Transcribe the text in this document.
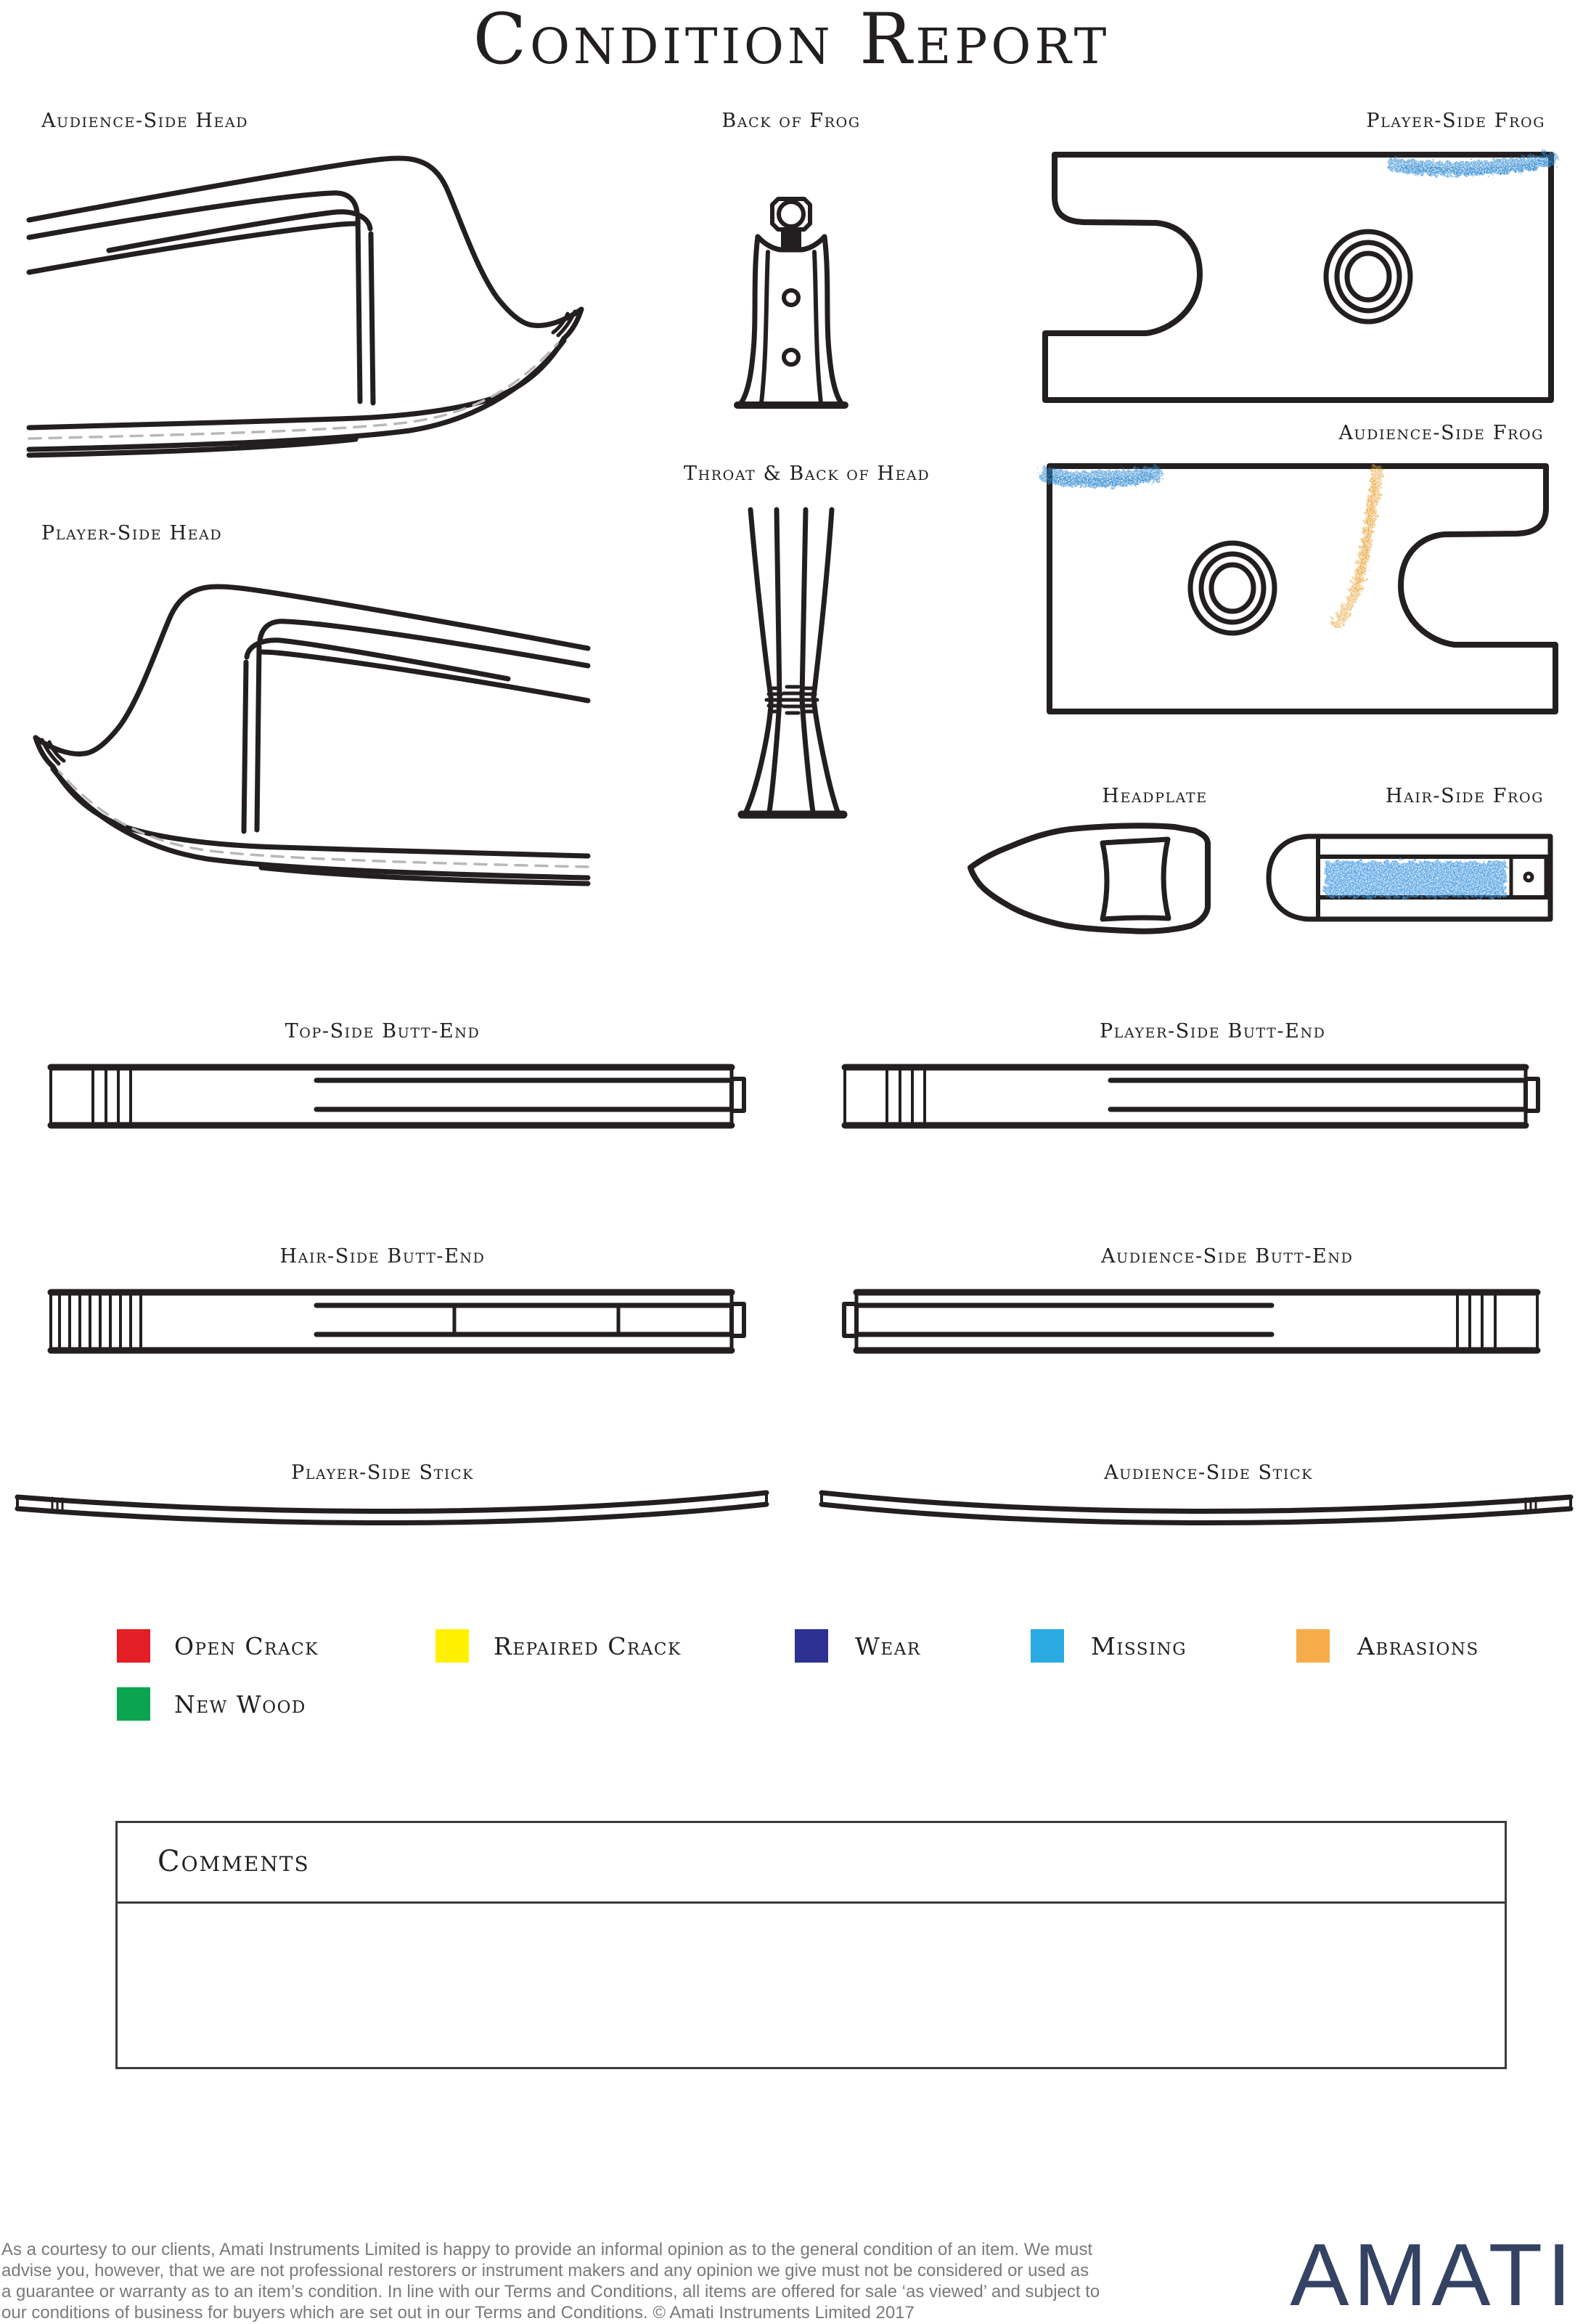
Condition Report
Audience-Side Head	Back of Frog	Player-Side Frog
Audience-Side Frog
Throat & Back of Head
Player-Side Head
Headplate	Hair-Side Frog
Top-Side Butt-End	Player-Side Butt-End
Hair-Side Butt-End	Audience-Side Butt-End
Player-Side Stick	Audience-Side Stick
Open Crack	Repaired Crack	Wear	Missing	Abrasions
New Wood
Comments
As a courtesy to our clients, Amati Instruments Limited is happy to provide an informal opinion as to the general condition of an item. We must
advise you, however, that we are not professional restorers or instrument makers and any opinion we give must not be considered or used as
a guarantee or warranty as to an item’s condition. In line with our Terms and Conditions, all items are offered for sale ‘as viewed’ and subject to
our conditions of business for buyers which are set out in our Terms and Conditions. © Amati Instruments Limited 2017	AMATI
